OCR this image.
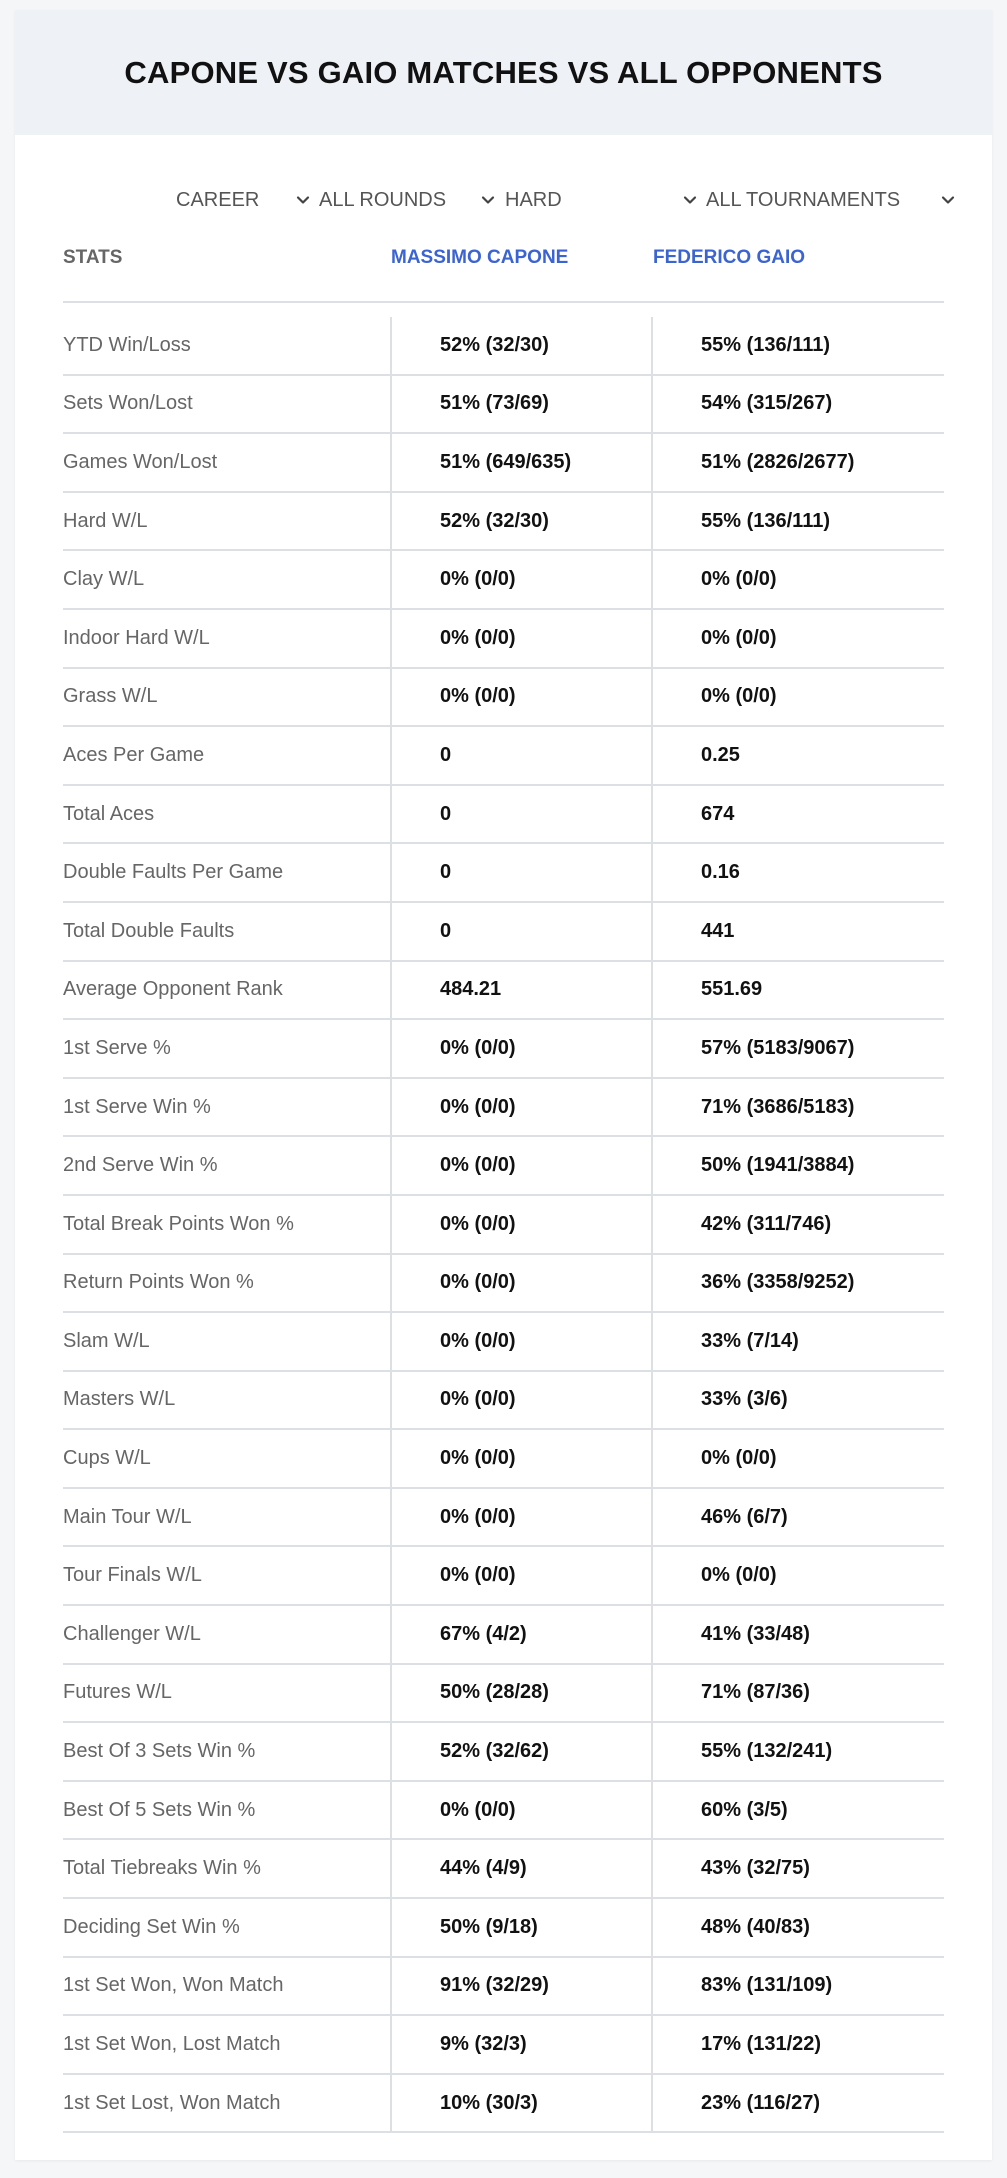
CAPONE VS GAIO MATCHES VS ALL OPPONENTS
CAREER	ALL ROUNDS	HARD	ALL TOURNAMENTS
STATS	MASSIMO CAPONE	FEDERICO GAIO
YTD Win/Loss	52% (32/30)	55% (136/111)
Sets Won/Lost	51% (73/69)	54% (315/267)
Games Won/Lost	51% (649/635)	51% (2826/2677)
Hard W/L	52% (32/30)	55% (136/111)
Clay W/L	0% (0/0)	0% (0/0)
Indoor Hard W/L	0% (0/0)	0% (0/0)
Grass W/L	0% (0/0)	0% (0/0)
Aces Per Game	0	0.25
Total Aces	0	674
Double Faults Per Game	0	0.16
Total Double Faults	0	441
Average Opponent Rank	484.21	551.69
1st Serve %	0% (0/0)	57% (5183/9067)
1st Serve Win %	0% (0/0)	71% (3686/5183)
2nd Serve Win %	0% (0/0)	50% (1941/3884)
Total Break Points Won %	0% (0/0)	42% (311/746)
Return Points Won %	0% (0/0)	36% (3358/9252)
Slam W/L	0% (0/0)	33% (7/14)
Masters W/L	0% (0/0)	33% (3/6)
Cups W/L	0% (0/0)	0% (0/0)
Main Tour W/L	0% (0/0)	46% (6/7)
Tour Finals W/L	0% (0/0)	0% (0/0)
Challenger W/L	67% (4/2)	41% (33/48)
Futures W/L	50% (28/28)	71% (87/36)
Best Of 3 Sets Win %	52% (32/62)	55% (132/241)
Best Of 5 Sets Win %	0% (0/0)	60% (3/5)
Total Tiebreaks Win %	44% (4/9)	43% (32/75)
Deciding Set Win %	50% (9/18)	48% (40/83)
1st Set Won, Won Match	91% (32/29)	83% (131/109)
1st Set Won, Lost Match	9% (32/3)	17% (131/22)
1st Set Lost, Won Match	10% (30/3)	23% (116/27)
